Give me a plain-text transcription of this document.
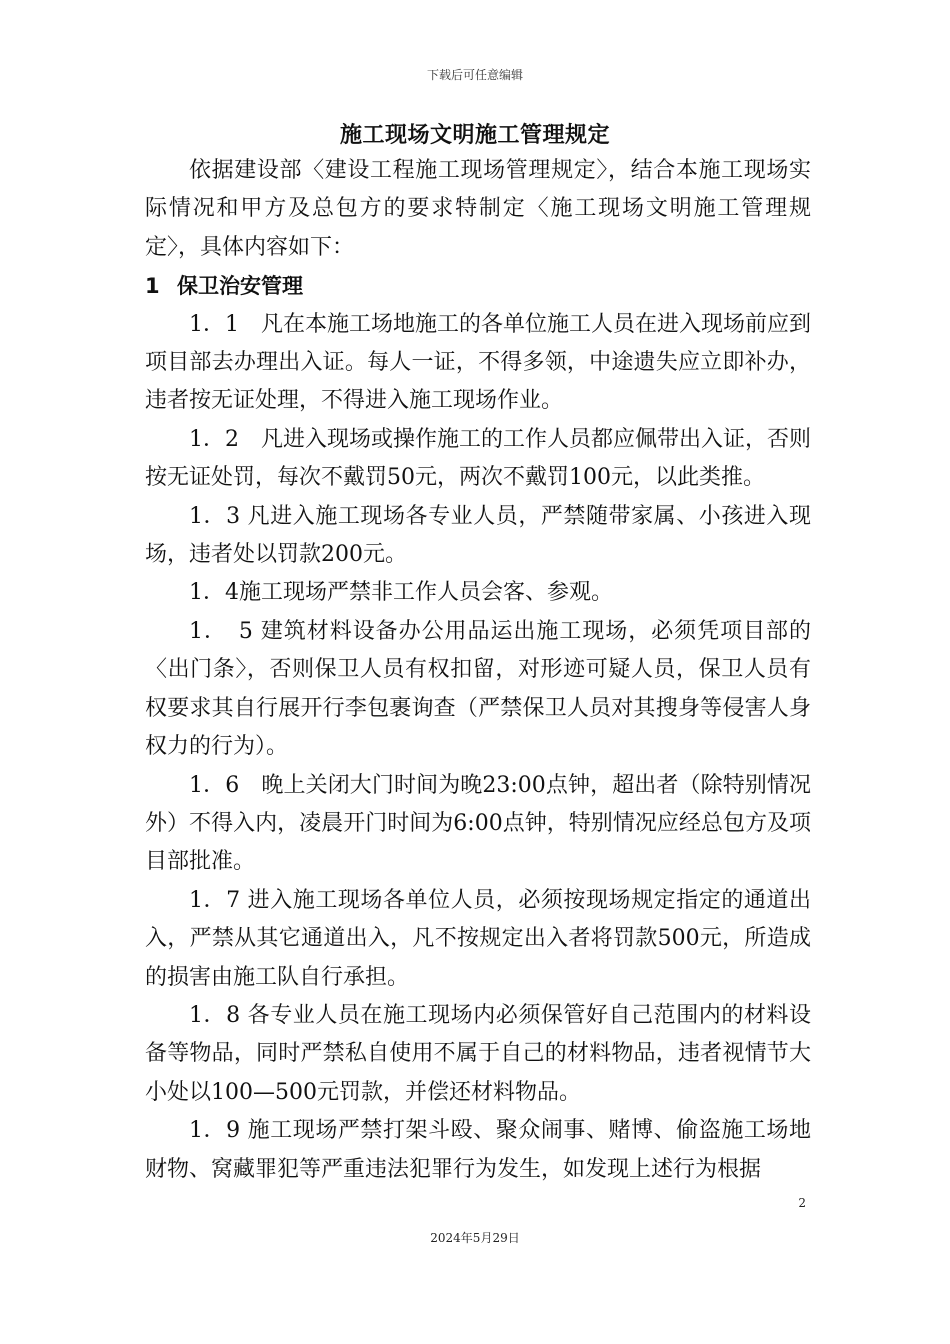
下载后可任意编辑
施工现场文明施工管理规定

依据建设部〈建设工程施工现场管理规定〉，结合本施工现场实际情况和甲方及总包方的要求特制定〈施工现场文明施工管理规定〉，具体内容如下：

1 保卫治安管理

1．1　凡在本施工场地施工的各单位施工人员在进入现场前应到项目部去办理出入证。每人一证，不得多领，中途遗失应立即补办，违者按无证处理，不得进入施工现场作业。

1．2　凡进入现场或操作施工的工作人员都应佩带出入证，否则按无证处罚，每次不戴罚50元，两次不戴罚100元，以此类推。

1．3 凡进入施工现场各专业人员，严禁随带家属、小孩进入现场，违者处以罚款200元。

1．4施工现场严禁非工作人员会客、参观。

1．　5 建筑材料设备办公用品运出施工现场，必须凭项目部的〈出门条〉，否则保卫人员有权扣留，对形迹可疑人员，保卫人员有权要求其自行展开行李包裹询查（严禁保卫人员对其搜身等侵害人身权力的行为）。

1．6　晚上关闭大门时间为晚23:00点钟，超出者（除特别情况外）不得入内，凌晨开门时间为6:00点钟，特别情况应经总包方及项目部批准。

1．7 进入施工现场各单位人员，必须按现场规定指定的通道出入，严禁从其它通道出入，凡不按规定出入者将罚款500元，所造成的损害由施工队自行承担。

1．8 各专业人员在施工现场内必须保管好自己范围内的材料设备等物品，同时严禁私自使用不属于自己的材料物品，违者视情节大小处以100—500元罚款，并偿还材料物品。

1．9 施工现场严禁打架斗殴、聚众闹事、赌博、偷盗施工场地财物、窝藏罪犯等严重违法犯罪行为发生，如发现上述行为根据

2
2024年5月29日
